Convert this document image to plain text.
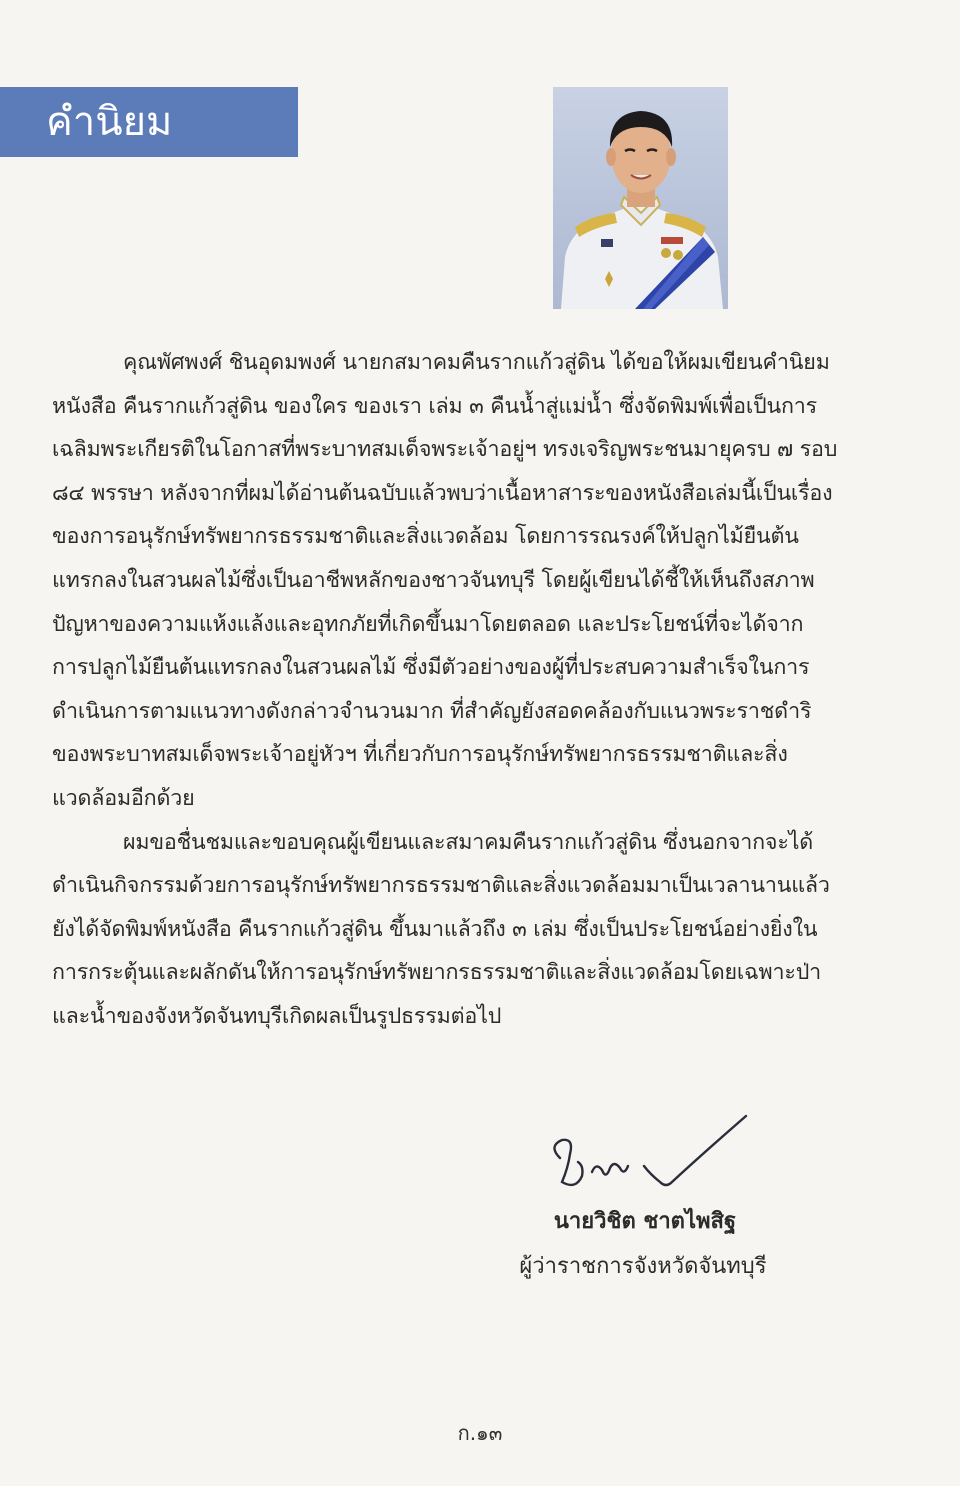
คำนิยม

คุณพัศพงศ์ ชินอุดมพงศ์ นายกสมาคมคืนรากแก้วสู่ดิน ได้ขอให้ผมเขียนคำนิยมหนังสือ คืนรากแก้วสู่ดิน ของใคร ของเรา เล่ม ๓ คืนน้ำสู่แม่น้ำ ซึ่งจัดพิมพ์เพื่อเป็นการเฉลิมพระเกียรติในโอกาสที่พระบาทสมเด็จพระเจ้าอยู่ฯ ทรงเจริญพระชนมายุครบ ๗ รอบ ๘๔ พรรษา หลังจากที่ผมได้อ่านต้นฉบับแล้วพบว่าเนื้อหาสาระของหนังสือเล่มนี้เป็นเรื่องของการอนุรักษ์ทรัพยากรธรรมชาติและสิ่งแวดล้อม โดยการรณรงค์ให้ปลูกไม้ยืนต้นแทรกลงในสวนผลไม้ซึ่งเป็นอาชีพหลักของชาวจันทบุรี โดยผู้เขียนได้ชี้ให้เห็นถึงสภาพปัญหาของความแห้งแล้งและอุทกภัยที่เกิดขึ้นมาโดยตลอด และประโยชน์ที่จะได้จากการปลูกไม้ยืนต้นแทรกลงในสวนผลไม้ ซึ่งมีตัวอย่างของผู้ที่ประสบความสำเร็จในการดำเนินการตามแนวทางดังกล่าวจำนวนมาก ที่สำคัญยังสอดคล้องกับแนวพระราชดำริของพระบาทสมเด็จพระเจ้าอยู่หัวฯ ที่เกี่ยวกับการอนุรักษ์ทรัพยากรธรรมชาติและสิ่งแวดล้อมอีกด้วย

ผมขอชื่นชมและขอบคุณผู้เขียนและสมาคมคืนรากแก้วสู่ดิน ซึ่งนอกจากจะได้ดำเนินกิจกรรมด้วยการอนุรักษ์ทรัพยากรธรรมชาติและสิ่งแวดล้อมมาเป็นเวลานานแล้ว ยังได้จัดพิมพ์หนังสือ คืนรากแก้วสู่ดิน ขึ้นมาแล้วถึง ๓ เล่ม ซึ่งเป็นประโยชน์อย่างยิ่งในการกระตุ้นและผลักดันให้การอนุรักษ์ทรัพยากรธรรมชาติและสิ่งแวดล้อมโดยเฉพาะป่าและน้ำของจังหวัดจันทบุรีเกิดผลเป็นรูปธรรมต่อไป

นายวิชิต ชาตไพสิฐ
ผู้ว่าราชการจังหวัดจันทบุรี
ก.๑๓
